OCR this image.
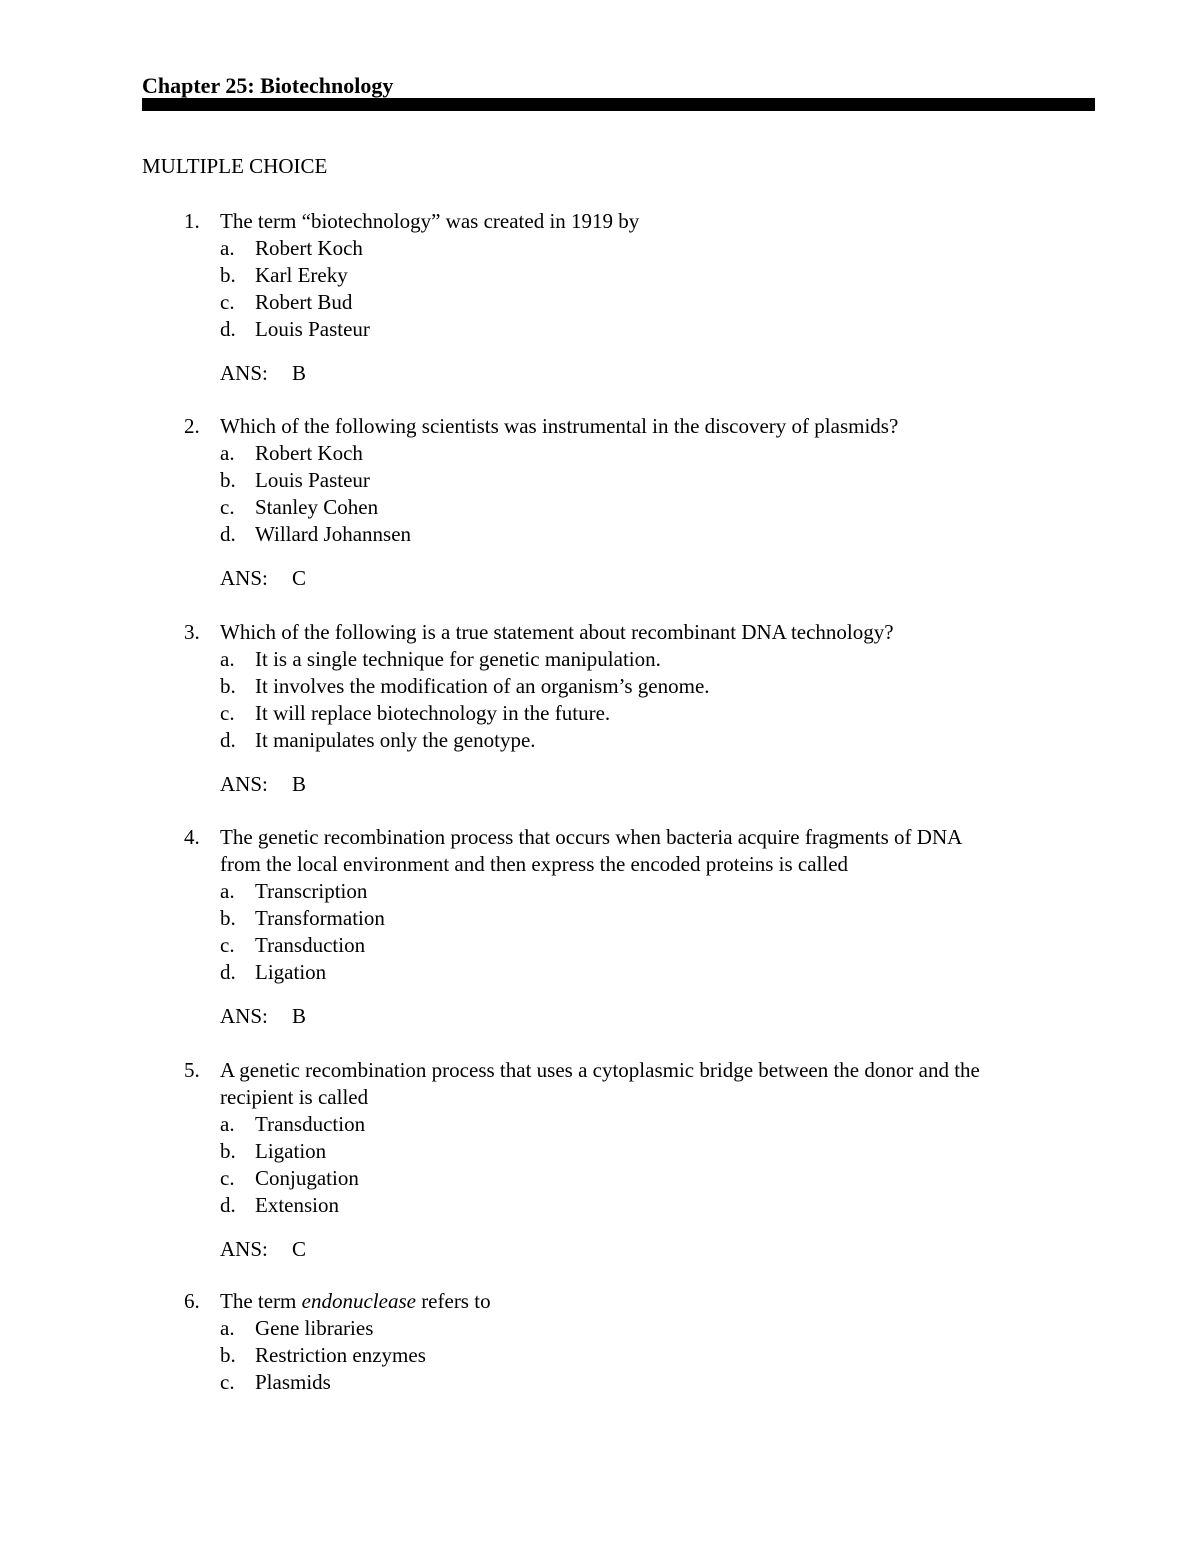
Chapter 25: Biotechnology
MULTIPLE CHOICE
1. The term “biotechnology” was created in 1919 by
a. Robert Koch
b. Karl Ereky
c. Robert Bud
d. Louis Pasteur
ANS: B
2. Which of the following scientists was instrumental in the discovery of plasmids?
a. Robert Koch
b. Louis Pasteur
c. Stanley Cohen
d. Willard Johannsen
ANS: C
3. Which of the following is a true statement about recombinant DNA technology?
a. It is a single technique for genetic manipulation.
b. It involves the modification of an organism’s genome.
c. It will replace biotechnology in the future.
d. It manipulates only the genotype.
ANS: B
4. The genetic recombination process that occurs when bacteria acquire fragments of DNA
from the local environment and then express the encoded proteins is called
a. Transcription
b. Transformation
c. Transduction
d. Ligation
ANS: B
5. A genetic recombination process that uses a cytoplasmic bridge between the donor and the
recipient is called
a. Transduction
b. Ligation
c. Conjugation
d. Extension
ANS: C
6. The term endonuclease refers to
a. Gene libraries
b. Restriction enzymes
c. Plasmids
